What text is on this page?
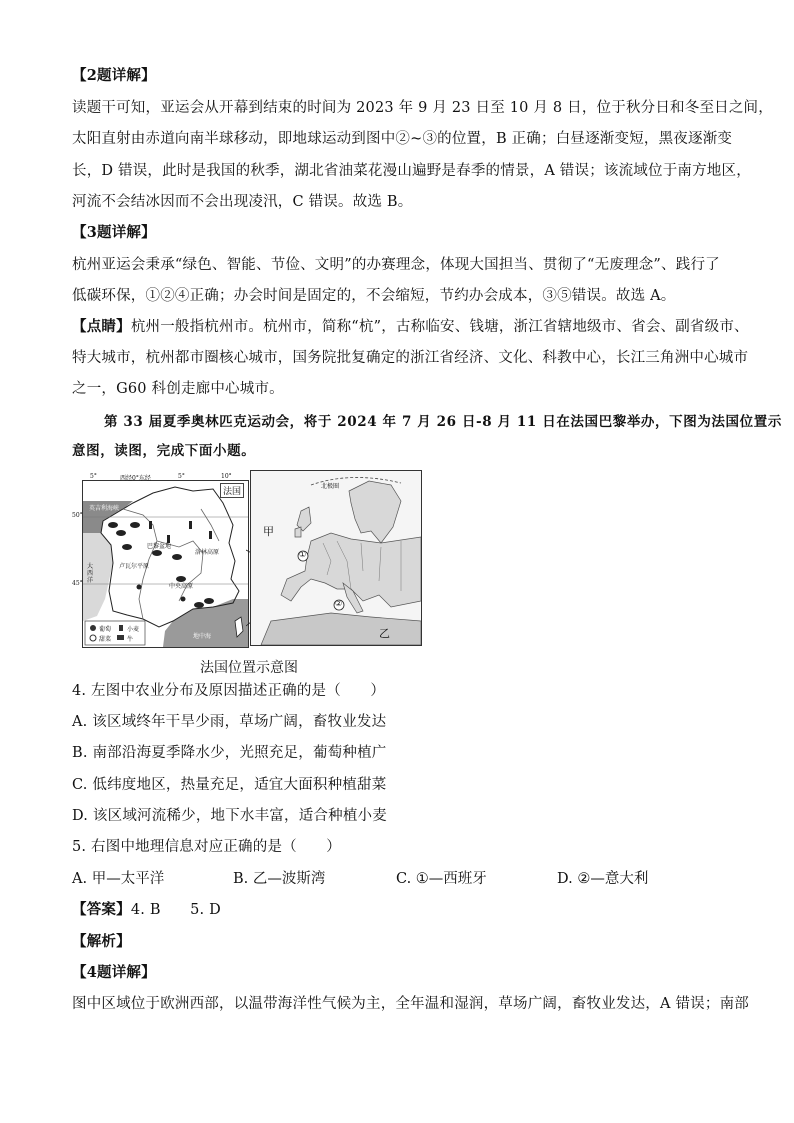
【2题详解】
读题干可知，亚运会从开幕到结束的时间为 2023 年 9 月 23 日至 10 月 8 日，位于秋分日和冬至日之间，
太阳直射由赤道向南半球移动，即地球运动到图中②~③的位置，B 正确；白昼逐渐变短，黑夜逐渐变
长，D 错误，此时是我国的秋季，湖北省油菜花漫山遍野是春季的情景，A 错误；该流域位于南方地区，
河流不会结冰因而不会出现凌汛，C 错误。故选 B。
【3题详解】
杭州亚运会秉承“绿色、智能、节俭、文明”的办赛理念，体现大国担当、贯彻了“无废理念”、践行了
低碳环保，①②④正确；办会时间是固定的，不会缩短，节约办会成本，③⑤错误。故选 A。
【点睛】杭州一般指杭州市。杭州市，简称“杭”，古称临安、钱塘，浙江省辖地级市、省会、副省级市、
特大城市，杭州都市圈核心城市，国务院批复确定的浙江省经济、文化、科教中心，长江三角洲中心城市
之一，G60 科创走廊中心城市。
第 33 届夏季奥林匹克运动会，将于 2024 年 7 月 26 日-8 月 11 日在法国巴黎举办，下图为法国位置示
意图，读图，完成下面小题。
法国
英吉利海峡
巴黎盆地
卢瓦尔平原
洛林高原
中央高原
大西洋
地中海
葡萄
甜菜
小麦
牛
5°	西经0°东经	5°	10°
50°
45°
北极圈
甲
乙
①
②
法国位置示意图
4. 左图中农业分布及原因描述正确的是（　　）
A. 该区域终年干旱少雨，草场广阔，畜牧业发达
B. 南部沿海夏季降水少，光照充足，葡萄种植广
C. 低纬度地区，热量充足，适宜大面积种植甜菜
D. 该区域河流稀少，地下水丰富，适合种植小麦
5. 右图中地理信息对应正确的是（　　）
A. 甲—太平洋	B. 乙—波斯湾	C. ①—西班牙	D. ②—意大利
【答案】4. B　　5. D
【解析】
【4题详解】
图中区域位于欧洲西部，以温带海洋性气候为主，全年温和湿润，草场广阔，畜牧业发达，A 错误；南部
